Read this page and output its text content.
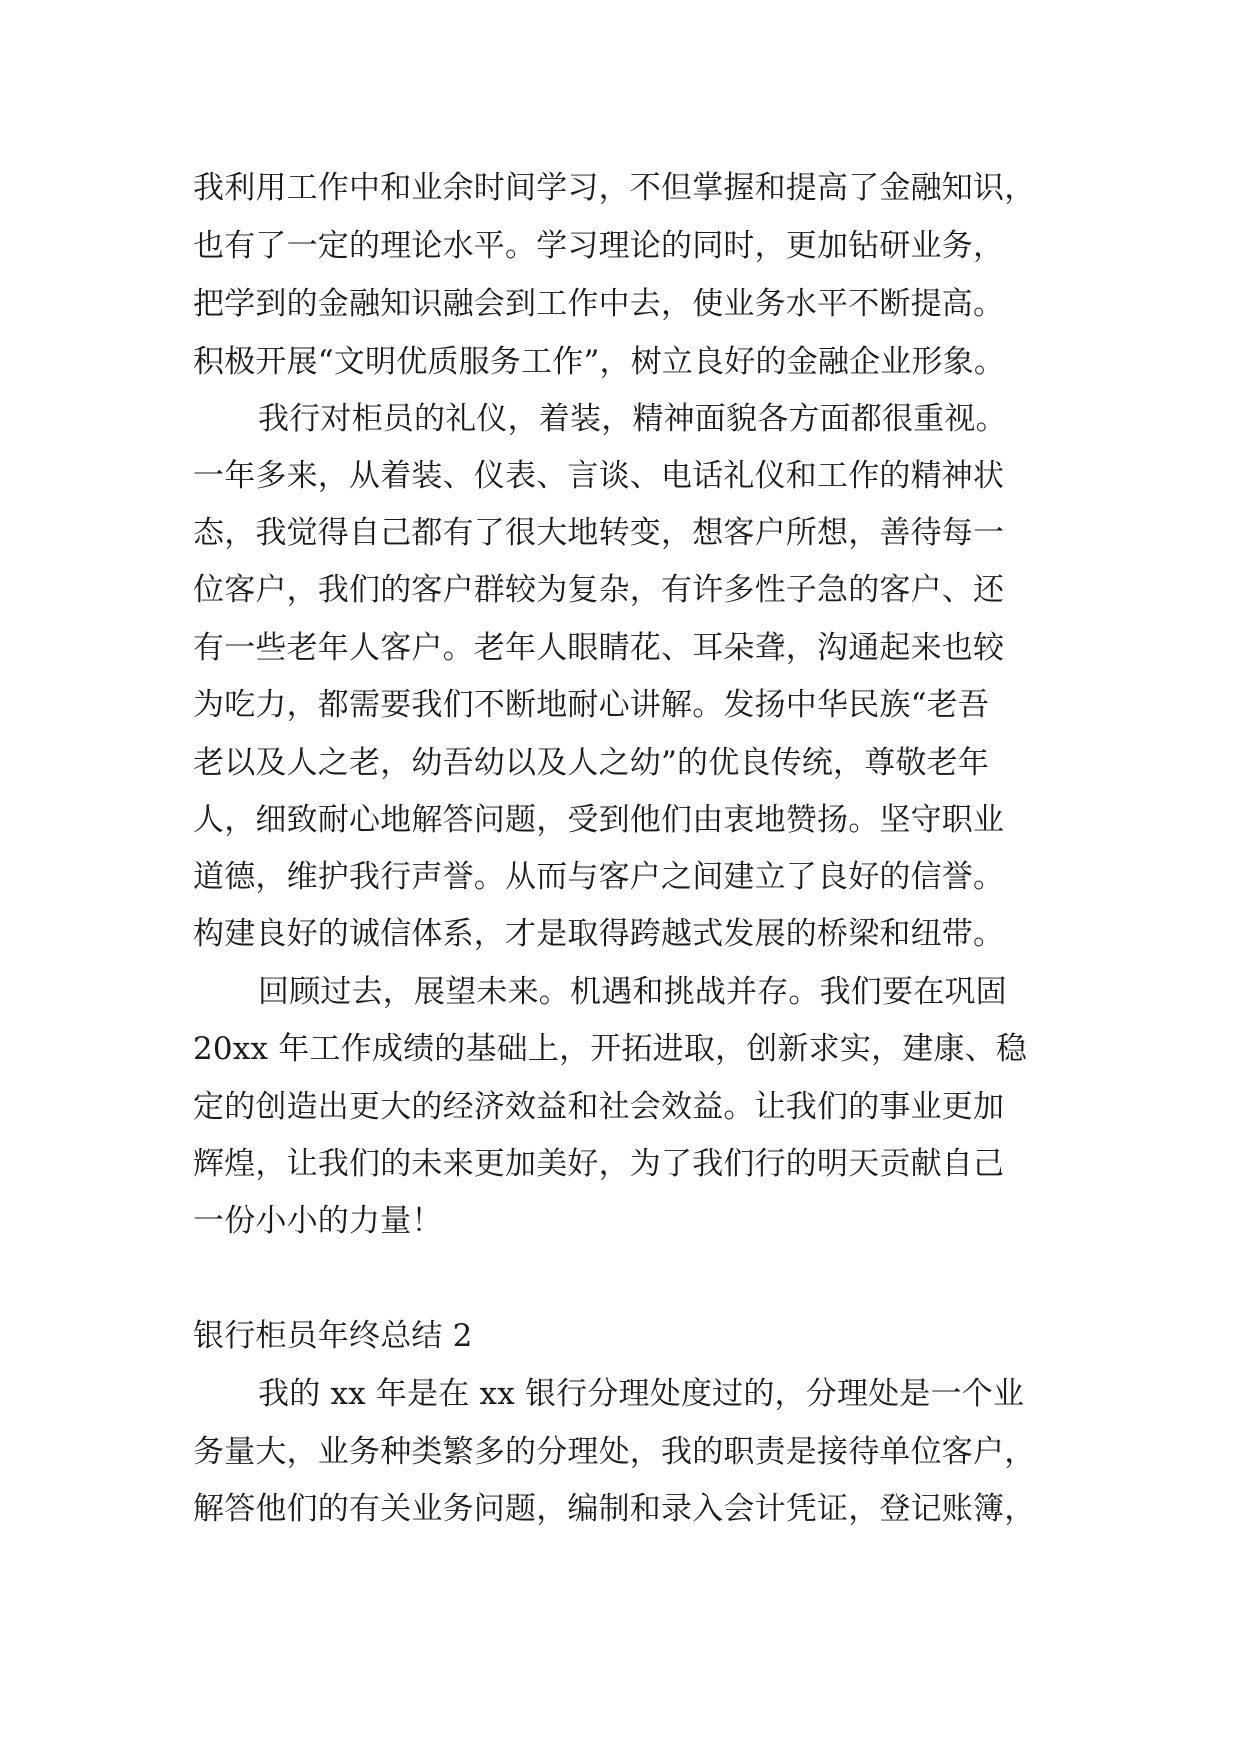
我利用工作中和业余时间学习，不但掌握和提高了金融知识，
也有了一定的理论水平。学习理论的同时，更加钻研业务，
把学到的金融知识融会到工作中去，使业务水平不断提高。
积极开展“文明优质服务工作”，树立良好的金融企业形象。
我行对柜员的礼仪，着装，精神面貌各方面都很重视。
一年多来，从着装、仪表、言谈、电话礼仪和工作的精神状
态，我觉得自己都有了很大地转变，想客户所想，善待每一
位客户，我们的客户群较为复杂，有许多性子急的客户、还
有一些老年人客户。老年人眼睛花、耳朵聋，沟通起来也较
为吃力，都需要我们不断地耐心讲解。发扬中华民族“老吾
老以及人之老，幼吾幼以及人之幼”的优良传统，尊敬老年
人，细致耐心地解答问题，受到他们由衷地赞扬。坚守职业
道德，维护我行声誉。从而与客户之间建立了良好的信誉。
构建良好的诚信体系，才是取得跨越式发展的桥梁和纽带。
回顾过去，展望未来。机遇和挑战并存。我们要在巩固
20xx 年工作成绩的基础上，开拓进取，创新求实，建康、稳
定的创造出更大的经济效益和社会效益。让我们的事业更加
辉煌，让我们的未来更加美好，为了我们行的明天贡献自己
一份小小的力量！
银行柜员年终总结 2
我的 xx 年是在 xx 银行分理处度过的，分理处是一个业
务量大，业务种类繁多的分理处，我的职责是接待单位客户，
解答他们的有关业务问题，编制和录入会计凭证，登记账簿，
